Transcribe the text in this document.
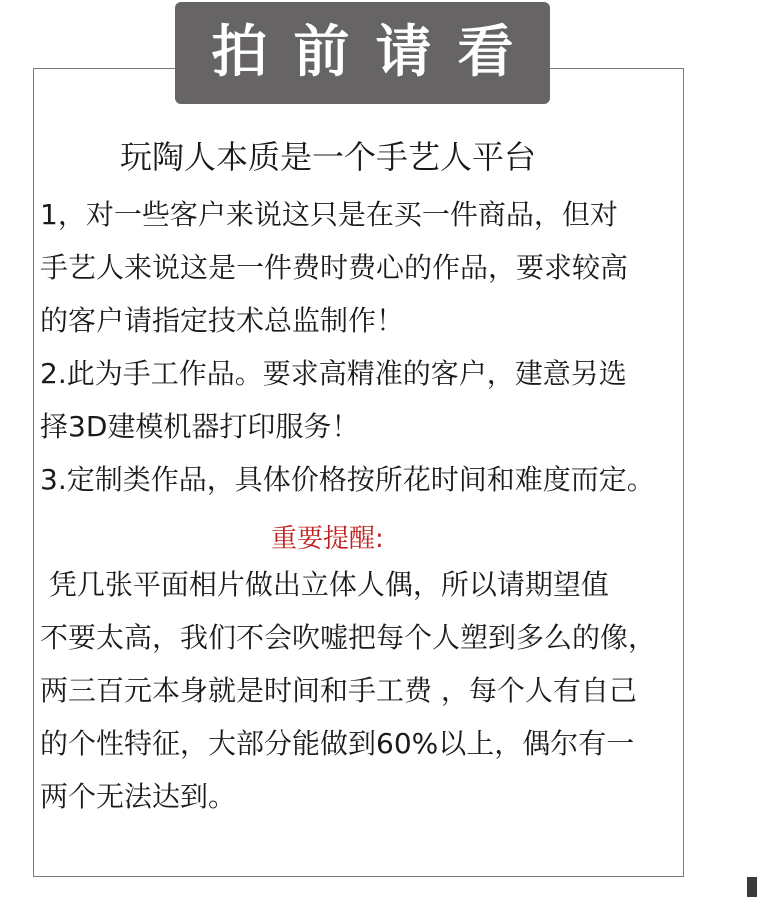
拍前请看
玩陶人本质是一个手艺人平台
1，对一些客户来说这只是在买一件商品，但对
手艺人来说这是一件费时费心的作品，要求较高
的客户请指定技术总监制作！
2.此为手工作品。要求高精准的客户，建意另选
择3D建模机器打印服务！
3.定制类作品，具体价格按所花时间和难度而定。
重要提醒:
凭几张平面相片做出立体人偶，所以请期望值
不要太高，我们不会吹嘘把每个人塑到多么的像，
两三百元本身就是时间和手工费 ，每个人有自己
的个性特征，大部分能做到60%以上，偶尔有一
两个无法达到。
